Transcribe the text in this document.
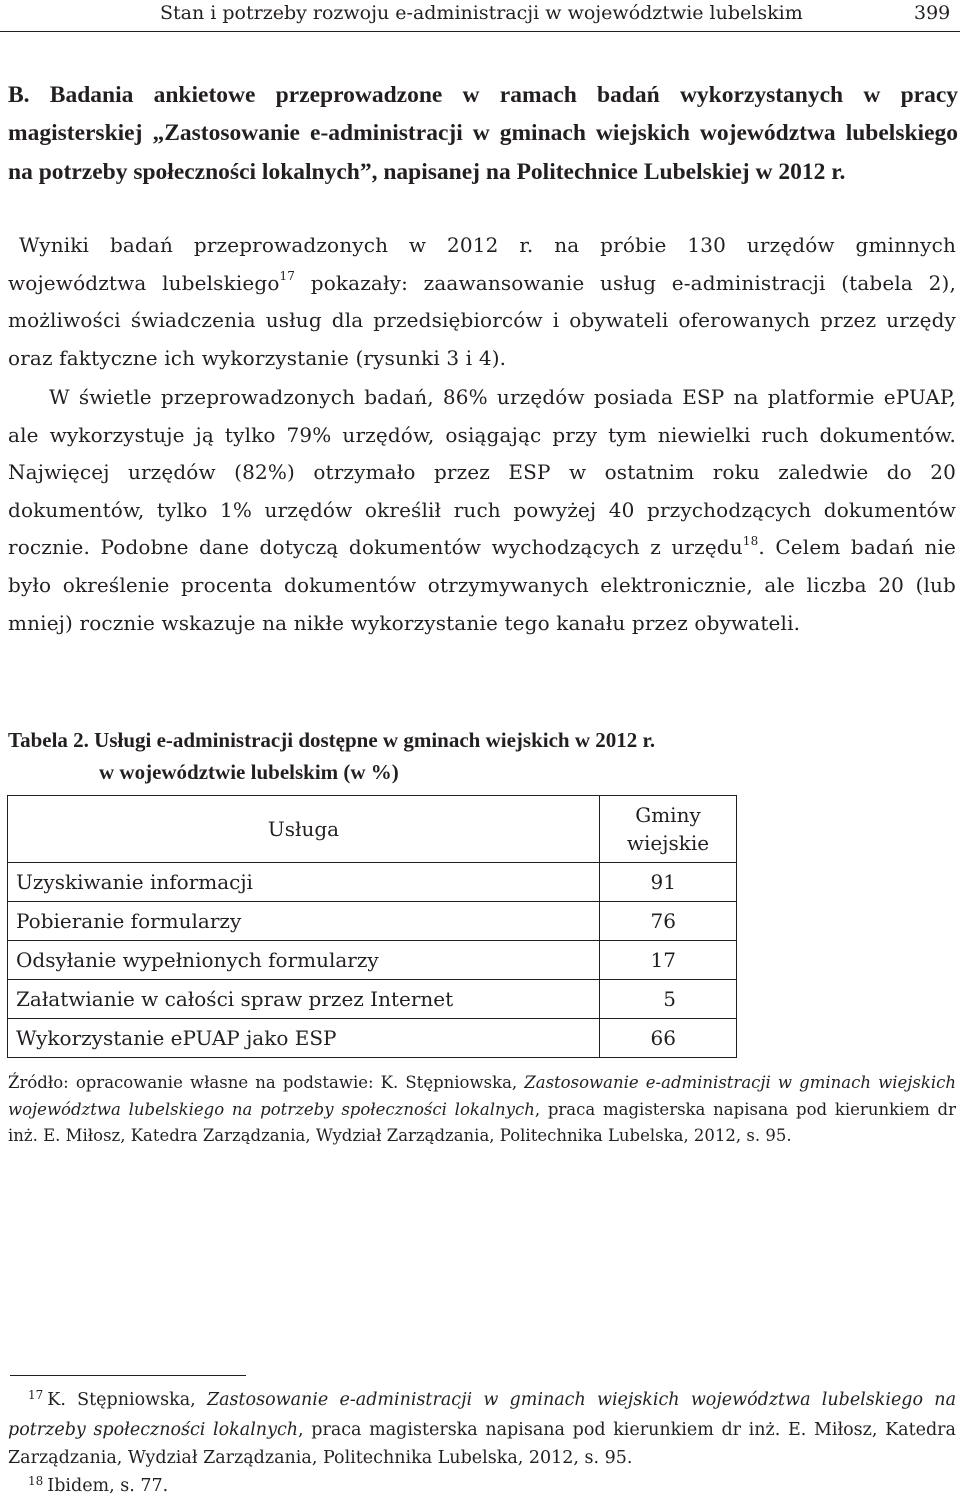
Stan i potrzeby rozwoju e-administracji w województwie lubelskim	399
B. Badania ankietowe przeprowadzone w ramach badań wykorzystanych w pracy magisterskiej „Zastosowanie e-administracji w gminach wiejskich województwa lubelskiego na potrzeby społeczności lokalnych”, napisanej na Politechnice Lubelskiej w 2012 r.
Wyniki badań przeprowadzonych w 2012 r. na próbie 130 urzędów gminnych województwa lubelskiego$^{17}$ pokazały: zaawansowanie usług e-administracji (tabela 2), możliwości świadczenia usług dla przedsiębiorców i obywateli oferowanych przez urzędy oraz faktyczne ich wykorzystanie (rysunki 3 i 4).
W świetle przeprowadzonych badań, 86% urzędów posiada ESP na platformie ePUAP, ale wykorzystuje ją tylko 79% urzędów, osiągając przy tym niewielki ruch dokumentów. Najwięcej urzędów (82%) otrzymało przez ESP w ostatnim roku zaledwie do 20 dokumentów, tylko 1% urzędów określił ruch powyżej 40 przychodzących dokumentów rocznie. Podobne dane dotyczą dokumentów wychodzących z urzędu$^{18}$. Celem badań nie było określenie procenta dokumentów otrzymywanych elektronicznie, ale liczba 20 (lub mniej) rocznie wskazuje na nikłe wykorzystanie tego kanału przez obywateli.
Tabela 2. Usługi e-administracji dostępne w gminach wiejskich w 2012 r.
w województwie lubelskim (w %)
Usługa	Gminy
wiejskie
Uzyskiwanie informacji	91
Pobieranie formularzy	76
Odsyłanie wypełnionych formularzy	17
Załatwianie w całości spraw przez Internet	5
Wykorzystanie ePUAP jako ESP	66
Źródło: opracowanie własne na podstawie: K. Stępniowska, Zastosowanie e-administracji w gminach wiejskich województwa lubelskiego na potrzeby społeczności lokalnych, praca magisterska napisana pod kierunkiem dr inż. E. Miłosz, Katedra Zarządzania, Wydział Zarządzania, Politechnika Lubelska, 2012, s. 95.
$^{17}$ K. Stępniowska, Zastosowanie e-administracji w gminach wiejskich województwa lubelskiego na potrzeby społeczności lokalnych, praca magisterska napisana pod kierunkiem dr inż. E. Miłosz, Katedra Zarządzania, Wydział Zarządzania, Politechnika Lubelska, 2012, s. 95.
$^{18}$ Ibidem, s. 77.
